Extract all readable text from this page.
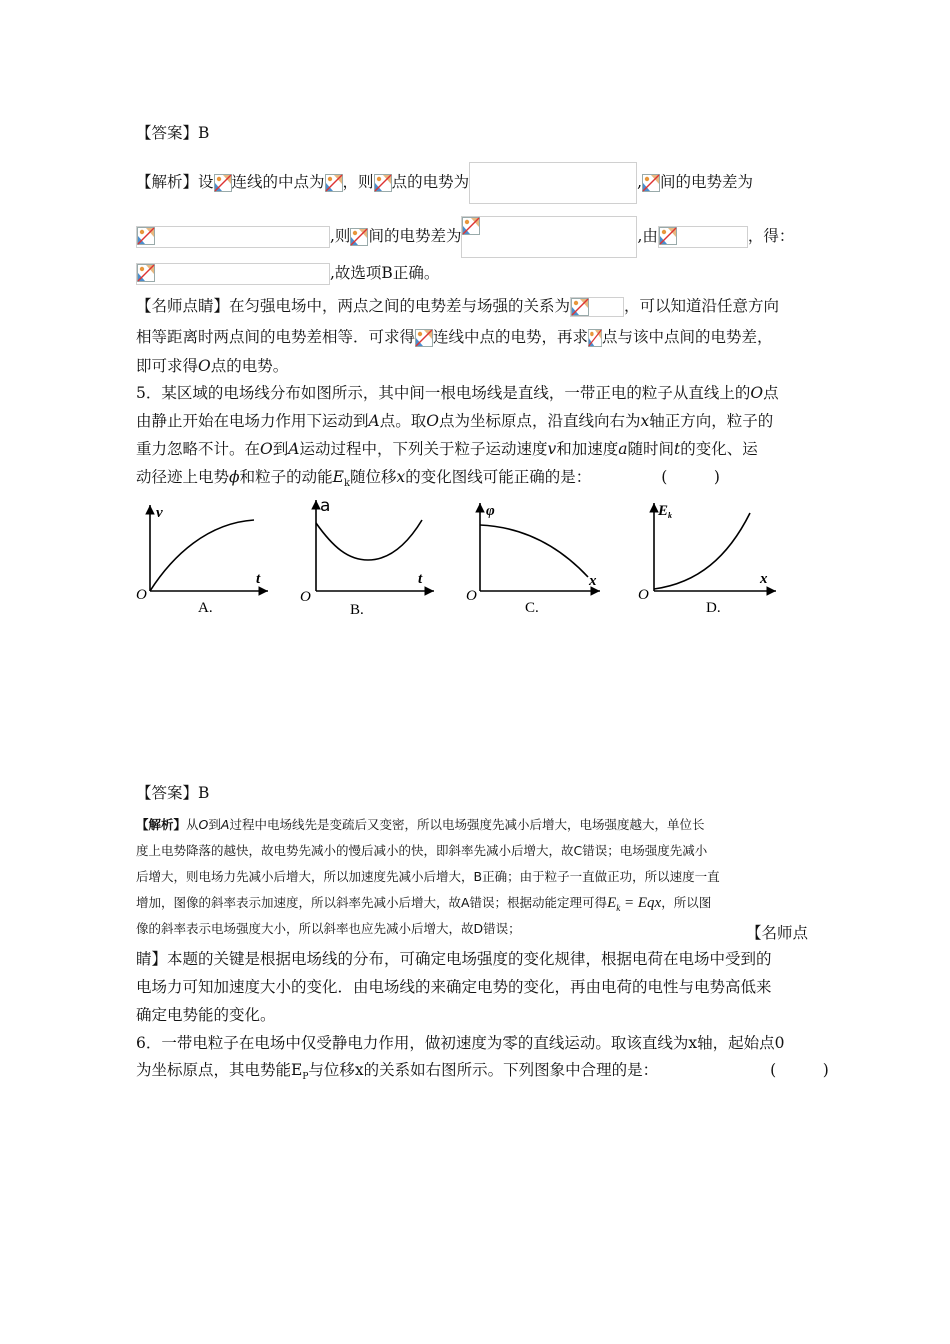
【答案】B
【解析】设 连线的中点为 ，则 点的电势为	, 间的电势差为
,则 间的电势差为	,由	，得：
,故选项B正确。
【名师点睛】在匀强电场中，两点之间的电势差与场强的关系为	，可以知道沿任意方向
相等距离时两点间的电势差相等．可求得 连线中点的电势，再求 点与该中点间的电势差，
即可求得O点的电势。
5．某区域的电场线分布如图所示，其中间一根电场线是直线，一带正电的粒子从直线上的O点
由静止开始在电场力作用下运动到A点。取O点为坐标原点，沿直线向右为x轴正方向，粒子的
重力忽略不计。在O到A运动过程中，下列关于粒子运动速度v和加速度a随时间t的变化、运
动径迹上电势ϕ和粒子的动能$E_k$随位移x的变化图线可能正确的是：	(　　　)
v
t
O
A.
a
t
O
B.
φ
x
O
C.
$E_k$
x
O
D.
【答案】B
【解析】从O到A过程中电场线先是变疏后又变密，所以电场强度先减小后增大，电场强度越大，单位长
度上电势降落的越快，故电势先减小的慢后减小的快，即斜率先减小后增大，故C错误；电场强度先减小
后增大，则电场力先减小后增大，所以加速度先减小后增大，B正确；由于粒子一直做正功，所以速度一直
增加，图像的斜率表示加速度，所以斜率先减小后增大，故A错误；根据动能定理可得$E_k$ = Eqx，所以图
像的斜率表示电场强度大小，所以斜率也应先减小后增大，故D错误；	【名师点
睛】本题的关键是根据电场线的分布，可确定电场强度的变化规律，根据电荷在电场中受到的
电场力可知加速度大小的变化．由电场线的来确定电势的变化，再由电荷的电性与电势高低来
确定电势能的变化。
6．一带电粒子在电场中仅受静电力作用，做初速度为零的直线运动。取该直线为x轴，起始点0
为坐标原点，其电势能$E_P$与位移x的关系如右图所示。下列图象中合理的是：	(　　　)
